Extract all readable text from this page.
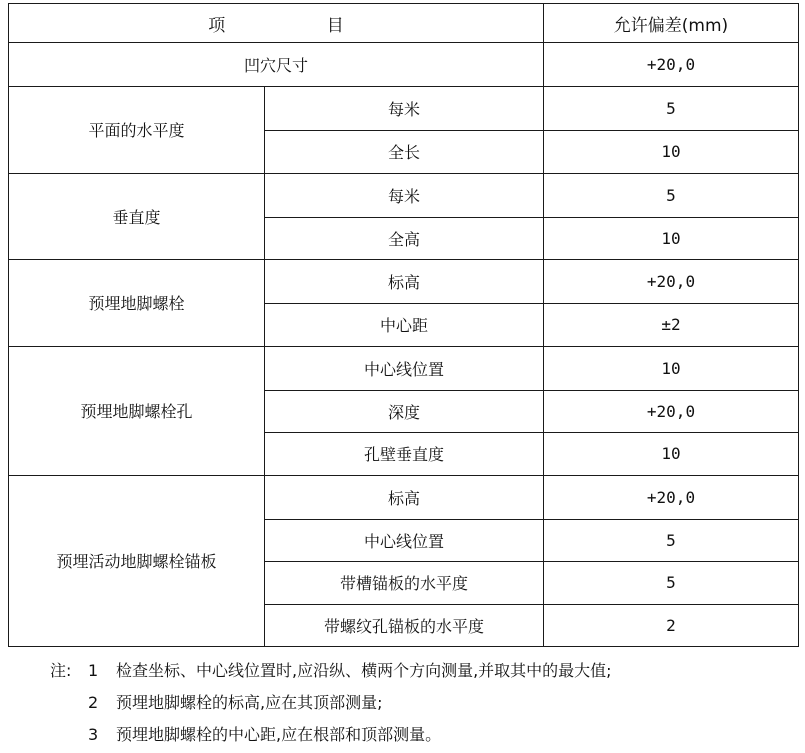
项 目		允许偏差(mm)
凹穴尺寸		+20,0
平面的水平度	每米	5
	全长	10
垂直度	每米	5
	全高	10
预埋地脚螺栓	标高	+20,0
	中心距	±2
预埋地脚螺栓孔	中心线位置	10
	深度	+20,0
	孔壁垂直度	10
预埋活动地脚螺栓锚板	标高	+20,0
	中心线位置	5
	带槽锚板的水平度	5
	带螺纹孔锚板的水平度	2
注: 1 检查坐标、中心线位置时,应沿纵、横两个方向测量,并取其中的最大值;
2 预埋地脚螺栓的标高,应在其顶部测量;
3 预埋地脚螺栓的中心距,应在根部和顶部测量。
